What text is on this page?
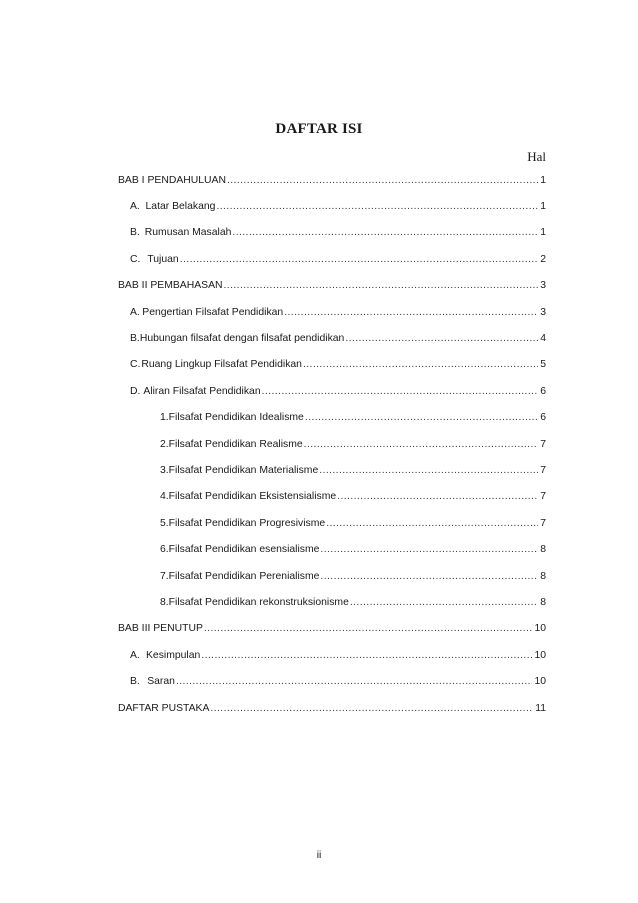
DAFTAR ISI
Hal
BAB I PENDAHULUAN .....	1
A. Latar Belakang .....	1
B. Rumusan Masalah .....	1
C. Tujuan .....	2
BAB II PEMBAHASAN .....	3
A. Pengertian Filsafat Pendidikan .....	3
B. Hubungan filsafat dengan filsafat pendidikan .....	4
C. Ruang Lingkup Filsafat Pendidikan .....	5
D. Aliran Filsafat Pendidikan .....	6
1. Filsafat Pendidikan Idealisme .....	6
2. Filsafat Pendidikan Realisme .....	7
3. Filsafat Pendidikan Materialisme .....	7
4. Filsafat Pendidikan Eksistensialisme .....	7
5. Filsafat Pendidikan Progresivisme .....	7
6. Filsafat Pendidikan esensialisme .....	8
7. Filsafat Pendidikan Perenialisme .....	8
8. Filsafat Pendidikan rekonstruksionisme .....	8
BAB III PENUTUP .....	10
A. Kesimpulan .....	10
B. Saran .....	10
DAFTAR PUSTAKA .....	11
ii
